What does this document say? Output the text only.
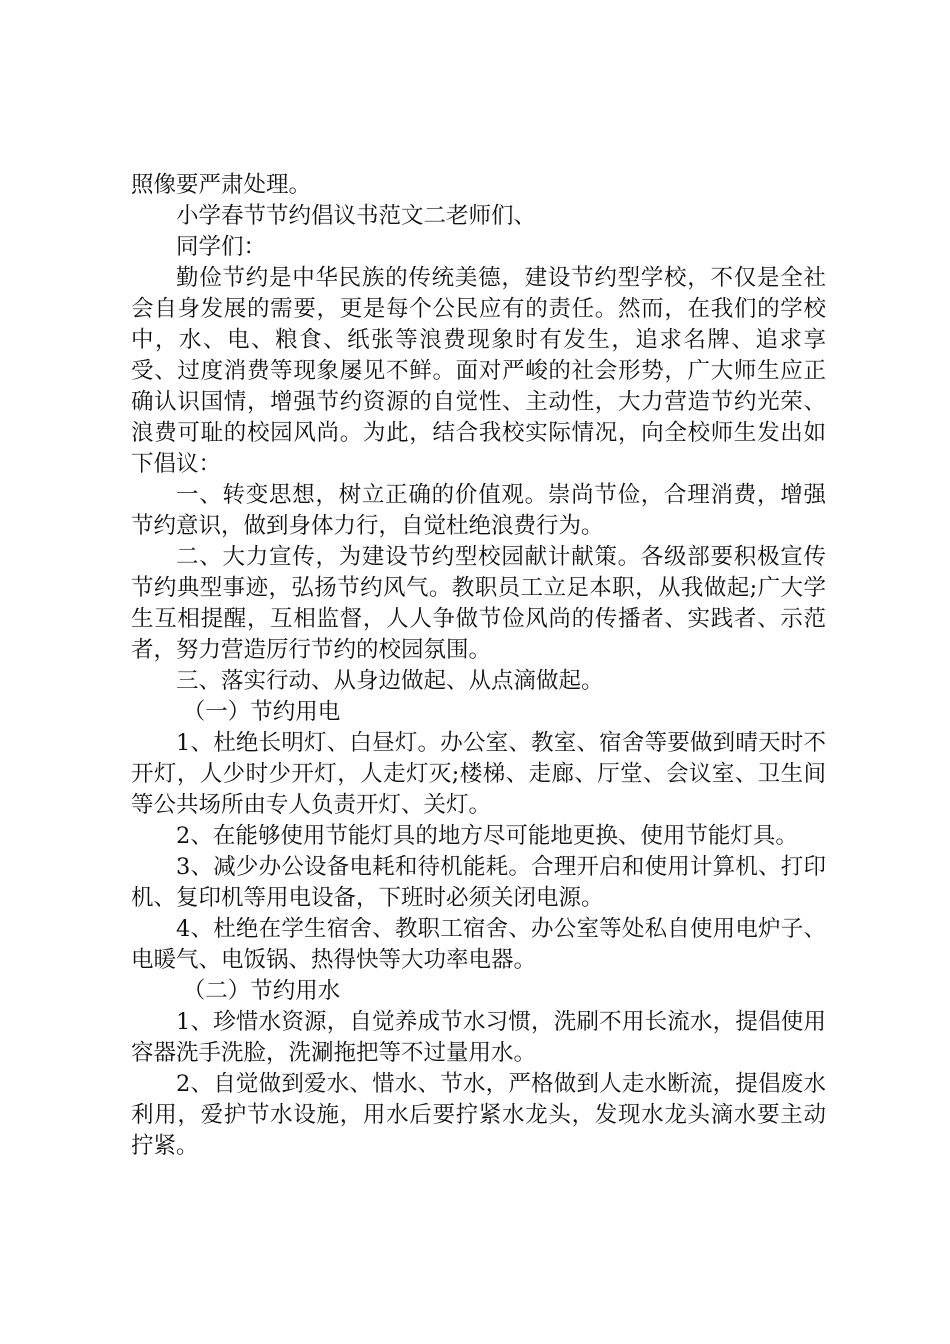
照像要严肃处理。

小学春节节约倡议书范文二老师们、

同学们：

勤俭节约是中华民族的传统美德，建设节约型学校，不仅是全社会自身发展的需要，更是每个公民应有的责任。然而，在我们的学校中，水、电、粮食、纸张等浪费现象时有发生，追求名牌、追求享受、过度消费等现象屡见不鲜。面对严峻的社会形势，广大师生应正确认识国情，增强节约资源的自觉性、主动性，大力营造节约光荣、浪费可耻的校园风尚。为此，结合我校实际情况，向全校师生发出如下倡议：

一、转变思想，树立正确的价值观。崇尚节俭，合理消费，增强节约意识，做到身体力行，自觉杜绝浪费行为。

二、大力宣传，为建设节约型校园献计献策。各级部要积极宣传节约典型事迹，弘扬节约风气。教职员工立足本职，从我做起;广大学生互相提醒，互相监督，人人争做节俭风尚的传播者、实践者、示范者，努力营造厉行节约的校园氛围。

三、落实行动、从身边做起、从点滴做起。

（一）节约用电

1、杜绝长明灯、白昼灯。办公室、教室、宿舍等要做到晴天时不开灯，人少时少开灯，人走灯灭;楼梯、走廊、厅堂、会议室、卫生间等公共场所由专人负责开灯、关灯。

2、在能够使用节能灯具的地方尽可能地更换、使用节能灯具。

3、减少办公设备电耗和待机能耗。合理开启和使用计算机、打印机、复印机等用电设备，下班时必须关闭电源。

4、杜绝在学生宿舍、教职工宿舍、办公室等处私自使用电炉子、电暖气、电饭锅、热得快等大功率电器。

（二）节约用水

1、珍惜水资源，自觉养成节水习惯，洗刷不用长流水，提倡使用容器洗手洗脸，洗涮拖把等不过量用水。

2、自觉做到爱水、惜水、节水，严格做到人走水断流，提倡废水利用，爱护节水设施，用水后要拧紧水龙头，发现水龙头滴水要主动拧紧。
